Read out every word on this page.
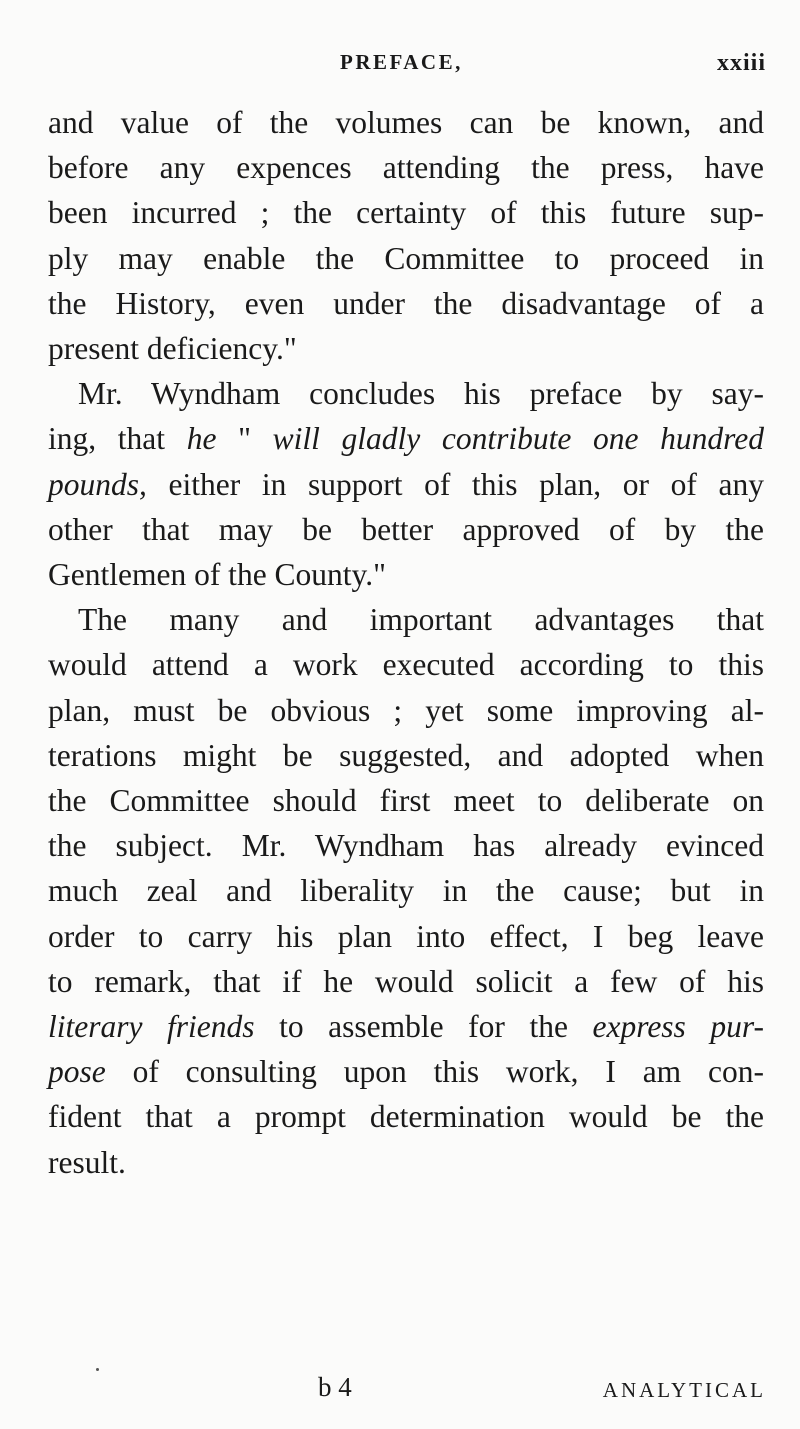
PREFACE,	xxiii
and value of the volumes can be known, and
before any expences attending the press, have
been incurred ; the certainty of this future sup-
ply may enable the Committee to proceed in
the History, even under the disadvantage of a
present deficiency."
Mr. Wyndham concludes his preface by say-
ing, that he " will gladly contribute one hundred
pounds, either in support of this plan, or of any
other that may be better approved of by the
Gentlemen of the County."
The many and important advantages that
would attend a work executed according to this
plan, must be obvious ; yet some improving al-
terations might be suggested, and adopted when
the Committee should first meet to deliberate on
the subject. Mr. Wyndham has already evinced
much zeal and liberality in the cause; but in
order to carry his plan into effect, I beg leave
to remark, that if he would solicit a few of his
literary friends to assemble for the express pur-
pose of consulting upon this work, I am con-
fident that a prompt determination would be the
result.
b 4	ANALYTICAL
